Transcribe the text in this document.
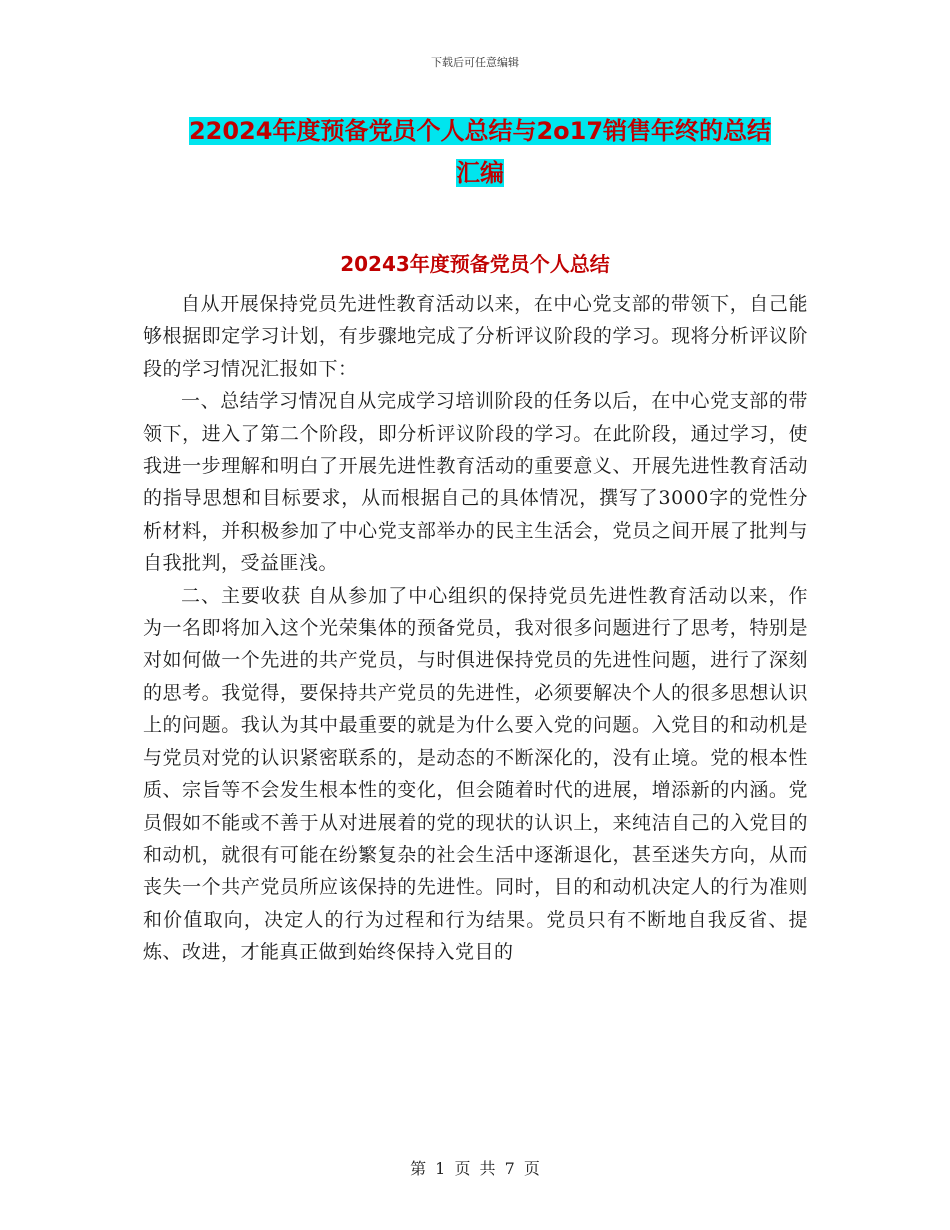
下载后可任意编辑
22024年度预备党员个人总结与2o17销售年终的总结
汇编
20243年度预备党员个人总结

自从开展保持党员先进性教育活动以来，在中心党支部的带领下，自己能够根据即定学习计划，有步骤地完成了分析评议阶段的学习。现将分析评议阶段的学习情况汇报如下：

一、总结学习情况自从完成学习培训阶段的任务以后，在中心党支部的带领下，进入了第二个阶段，即分析评议阶段的学习。在此阶段，通过学习，使我进一步理解和明白了开展先进性教育活动的重要意义、开展先进性教育活动的指导思想和目标要求，从而根据自己的具体情况，撰写了3000字的党性分析材料，并积极参加了中心党支部举办的民主生活会，党员之间开展了批判与自我批判，受益匪浅。

二、主要收获 自从参加了中心组织的保持党员先进性教育活动以来，作为一名即将加入这个光荣集体的预备党员，我对很多问题进行了思考，特别是对如何做一个先进的共产党员，与时俱进保持党员的先进性问题，进行了深刻的思考。我觉得，要保持共产党员的先进性，必须要解决个人的很多思想认识上的问题。我认为其中最重要的就是为什么要入党的问题。入党目的和动机是与党员对党的认识紧密联系的，是动态的不断深化的，没有止境。党的根本性质、宗旨等不会发生根本性的变化，但会随着时代的进展，增添新的内涵。党员假如不能或不善于从对进展着的党的现状的认识上，来纯洁自己的入党目的和动机，就很有可能在纷繁复杂的社会生活中逐渐退化，甚至迷失方向，从而丧失一个共产党员所应该保持的先进性。同时，目的和动机决定人的行为准则和价值取向，决定人的行为过程和行为结果。党员只有不断地自我反省、提炼、改进，才能真正做到始终保持入党目的

第 1 页 共 7 页
